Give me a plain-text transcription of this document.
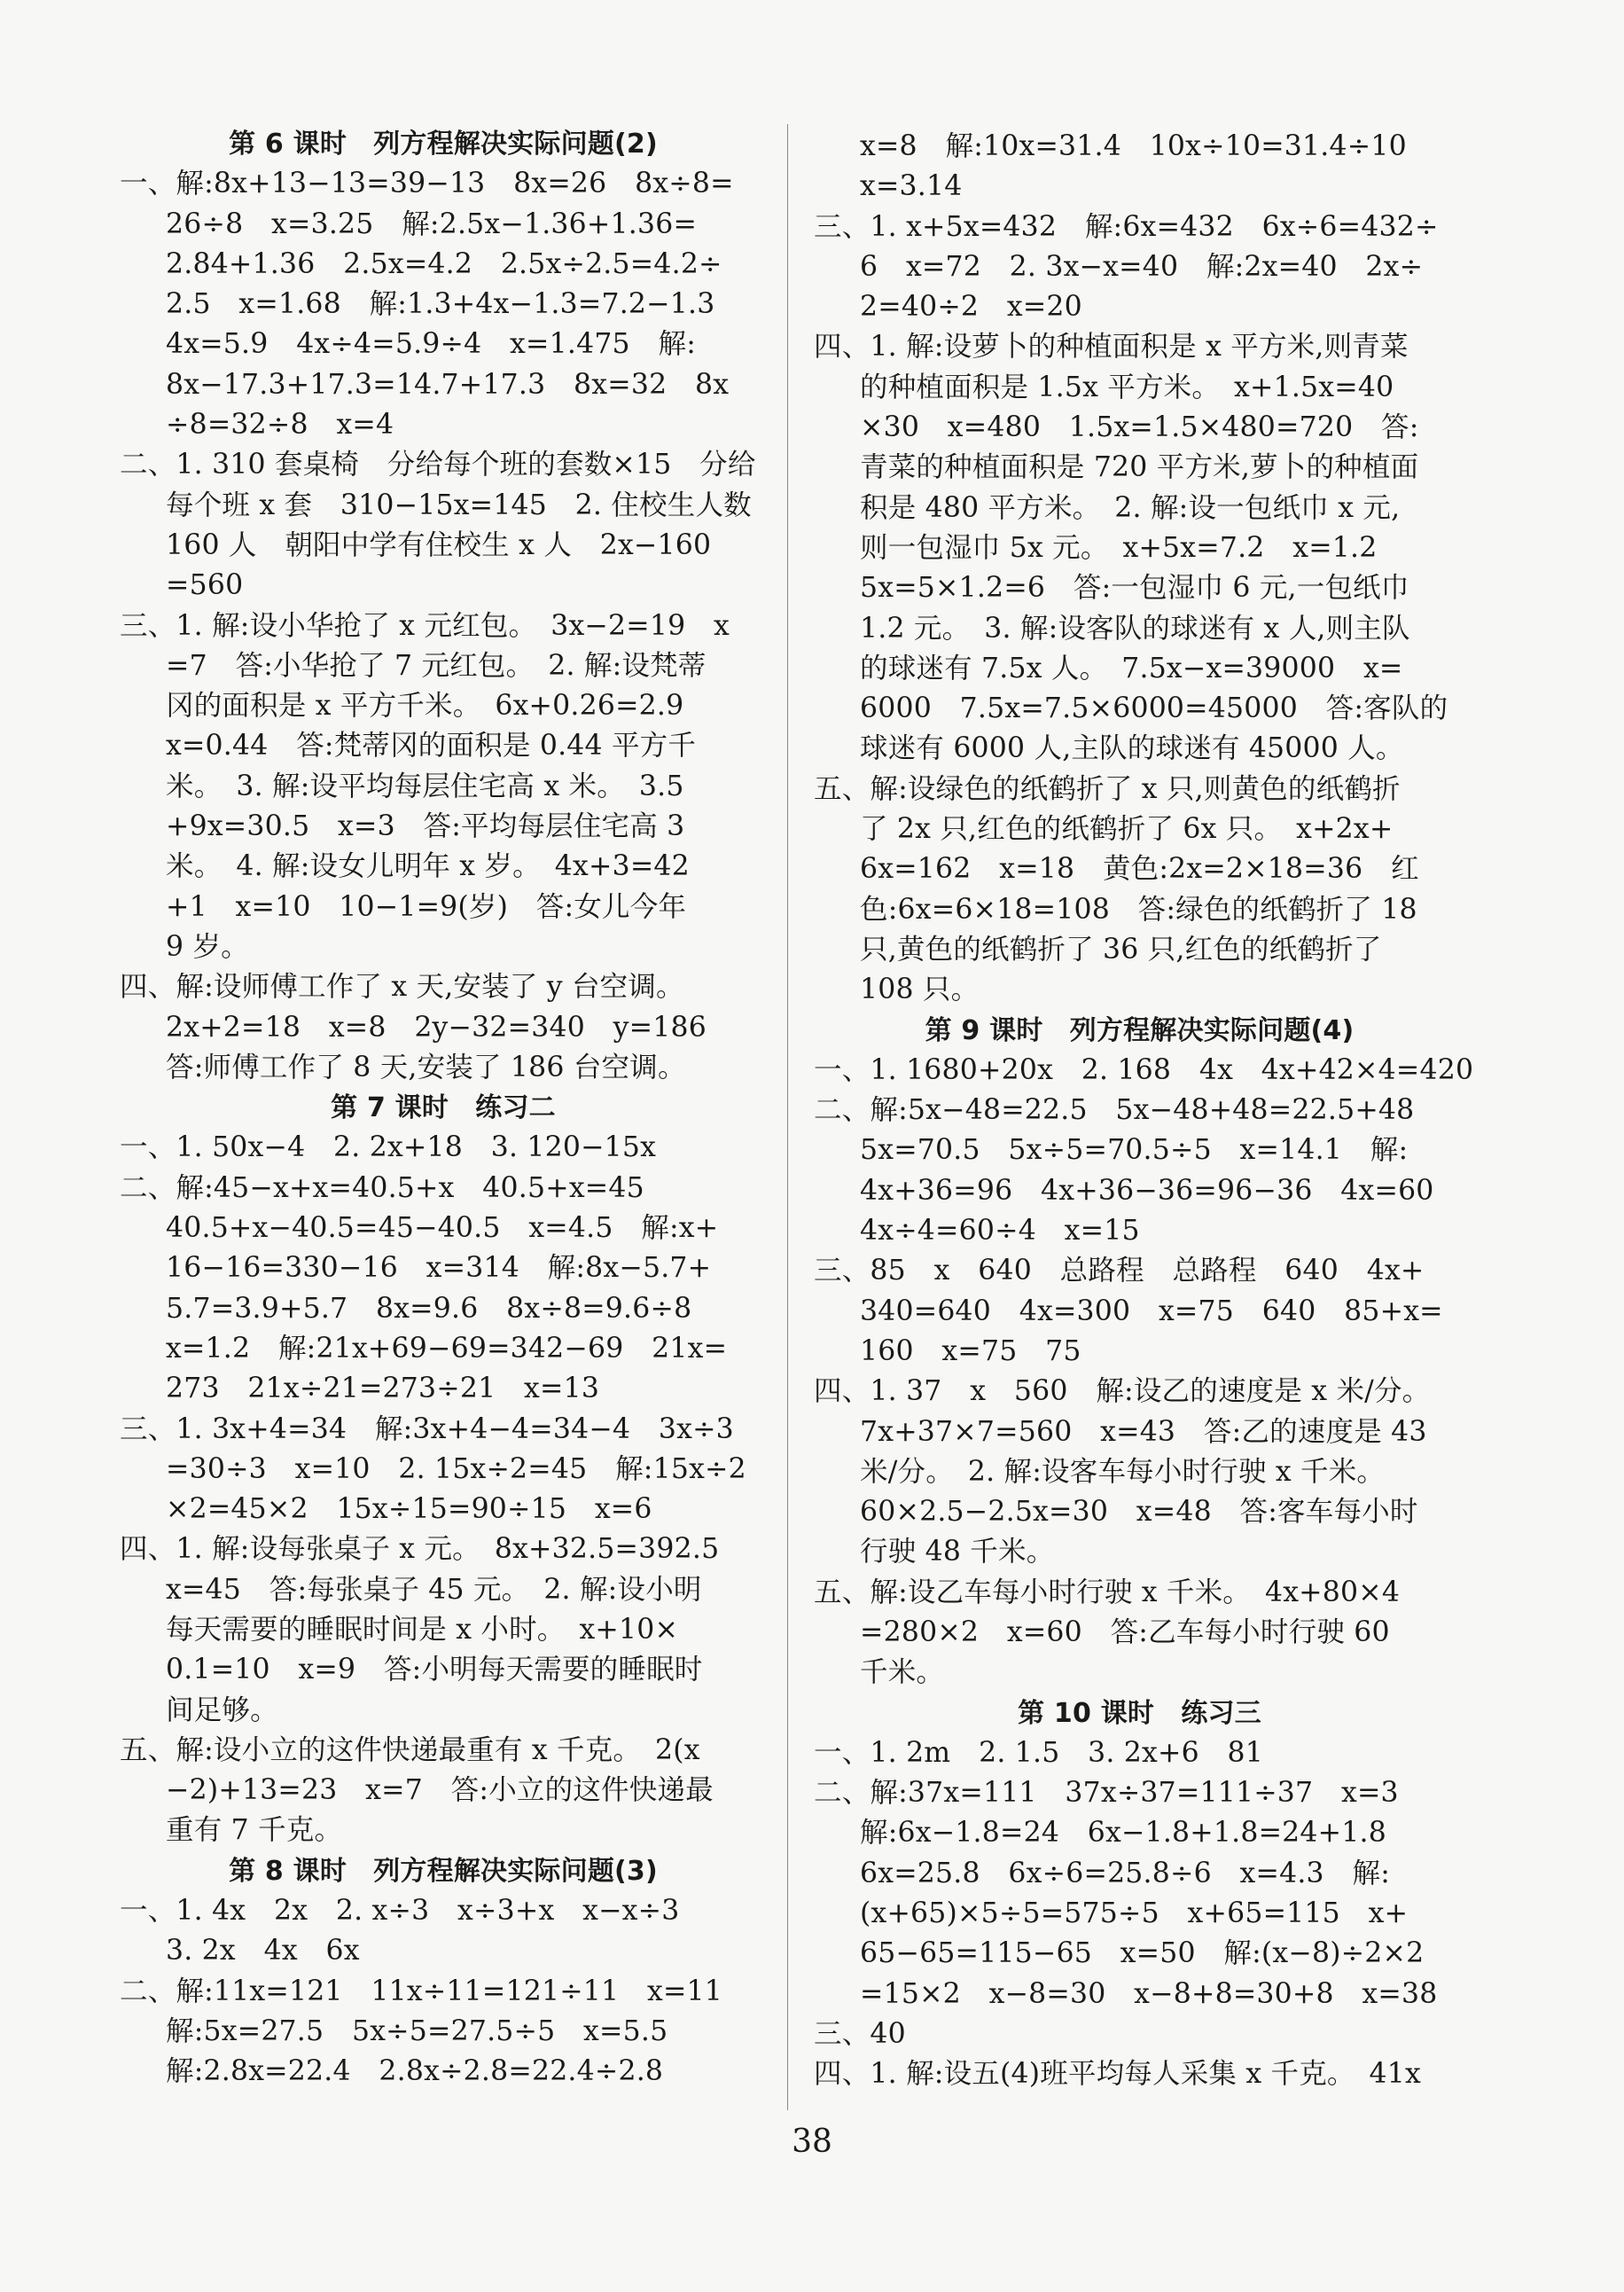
第 6 课时　列方程解决实际问题(2)
一、解:8x+13−13=39−13　8x=26　8x÷8=
26÷8　x=3.25　解:2.5x−1.36+1.36=
2.84+1.36　2.5x=4.2　2.5x÷2.5=4.2÷
2.5　x=1.68　解:1.3+4x−1.3=7.2−1.3
4x=5.9　4x÷4=5.9÷4　x=1.475　解:
8x−17.3+17.3=14.7+17.3　8x=32　8x
÷8=32÷8　x=4
二、1. 310 套桌椅　分给每个班的套数×15　分给
每个班 x 套　310−15x=145　2. 住校生人数
160 人　朝阳中学有住校生 x 人　2x−160
=560
三、1. 解:设小华抢了 x 元红包。　3x−2=19　x
=7　答:小华抢了 7 元红包。　2. 解:设梵蒂
冈的面积是 x 平方千米。　6x+0.26=2.9
x=0.44　答:梵蒂冈的面积是 0.44 平方千
米。　3. 解:设平均每层住宅高 x 米。　3.5
+9x=30.5　x=3　答:平均每层住宅高 3
米。　4. 解:设女儿明年 x 岁。　4x+3=42
+1　x=10　10−1=9(岁)　答:女儿今年
9 岁。
四、解:设师傅工作了 x 天,安装了 y 台空调。
2x+2=18　x=8　2y−32=340　y=186
答:师傅工作了 8 天,安装了 186 台空调。
第 7 课时　练习二
一、1. 50x−4　2. 2x+18　3. 120−15x
二、解:45−x+x=40.5+x　40.5+x=45
40.5+x−40.5=45−40.5　x=4.5　解:x+
16−16=330−16　x=314　解:8x−5.7+
5.7=3.9+5.7　8x=9.6　8x÷8=9.6÷8
x=1.2　解:21x+69−69=342−69　21x=
273　21x÷21=273÷21　x=13
三、1. 3x+4=34　解:3x+4−4=34−4　3x÷3
=30÷3　x=10　2. 15x÷2=45　解:15x÷2
×2=45×2　15x÷15=90÷15　x=6
四、1. 解:设每张桌子 x 元。　8x+32.5=392.5
x=45　答:每张桌子 45 元。　2. 解:设小明
每天需要的睡眠时间是 x 小时。　x+10×
0.1=10　x=9　答:小明每天需要的睡眠时
间足够。
五、解:设小立的这件快递最重有 x 千克。　2(x
−2)+13=23　x=7　答:小立的这件快递最
重有 7 千克。
第 8 课时　列方程解决实际问题(3)
一、1. 4x　2x　2. x÷3　x÷3+x　x−x÷3
3. 2x　4x　6x
二、解:11x=121　11x÷11=121÷11　x=11
解:5x=27.5　5x÷5=27.5÷5　x=5.5
解:2.8x=22.4　2.8x÷2.8=22.4÷2.8
x=8　解:10x=31.4　10x÷10=31.4÷10
x=3.14
三、1. x+5x=432　解:6x=432　6x÷6=432÷
6　x=72　2. 3x−x=40　解:2x=40　2x÷
2=40÷2　x=20
四、1. 解:设萝卜的种植面积是 x 平方米,则青菜
的种植面积是 1.5x 平方米。　x+1.5x=40
×30　x=480　1.5x=1.5×480=720　答:
青菜的种植面积是 720 平方米,萝卜的种植面
积是 480 平方米。　2. 解:设一包纸巾 x 元,
则一包湿巾 5x 元。　x+5x=7.2　x=1.2
5x=5×1.2=6　答:一包湿巾 6 元,一包纸巾
1.2 元。　3. 解:设客队的球迷有 x 人,则主队
的球迷有 7.5x 人。　7.5x−x=39000　x=
6000　7.5x=7.5×6000=45000　答:客队的
球迷有 6000 人,主队的球迷有 45000 人。
五、解:设绿色的纸鹤折了 x 只,则黄色的纸鹤折
了 2x 只,红色的纸鹤折了 6x 只。　x+2x+
6x=162　x=18　黄色:2x=2×18=36　红
色:6x=6×18=108　答:绿色的纸鹤折了 18
只,黄色的纸鹤折了 36 只,红色的纸鹤折了
108 只。
第 9 课时　列方程解决实际问题(4)
一、1. 1680+20x　2. 168　4x　4x+42×4=420
二、解:5x−48=22.5　5x−48+48=22.5+48
5x=70.5　5x÷5=70.5÷5　x=14.1　解:
4x+36=96　4x+36−36=96−36　4x=60
4x÷4=60÷4　x=15
三、85　x　640　总路程　总路程　640　4x+
340=640　4x=300　x=75　640　85+x=
160　x=75　75
四、1. 37　x　560　解:设乙的速度是 x 米/分。
7x+37×7=560　x=43　答:乙的速度是 43
米/分。　2. 解:设客车每小时行驶 x 千米。
60×2.5−2.5x=30　x=48　答:客车每小时
行驶 48 千米。
五、解:设乙车每小时行驶 x 千米。　4x+80×4
=280×2　x=60　答:乙车每小时行驶 60
千米。
第 10 课时　练习三
一、1. 2m　2. 1.5　3. 2x+6　81
二、解:37x=111　37x÷37=111÷37　x=3
解:6x−1.8=24　6x−1.8+1.8=24+1.8
6x=25.8　6x÷6=25.8÷6　x=4.3　解:
(x+65)×5÷5=575÷5　x+65=115　x+
65−65=115−65　x=50　解:(x−8)÷2×2
=15×2　x−8=30　x−8+8=30+8　x=38
三、40
四、1. 解:设五(4)班平均每人采集 x 千克。　41x
38
